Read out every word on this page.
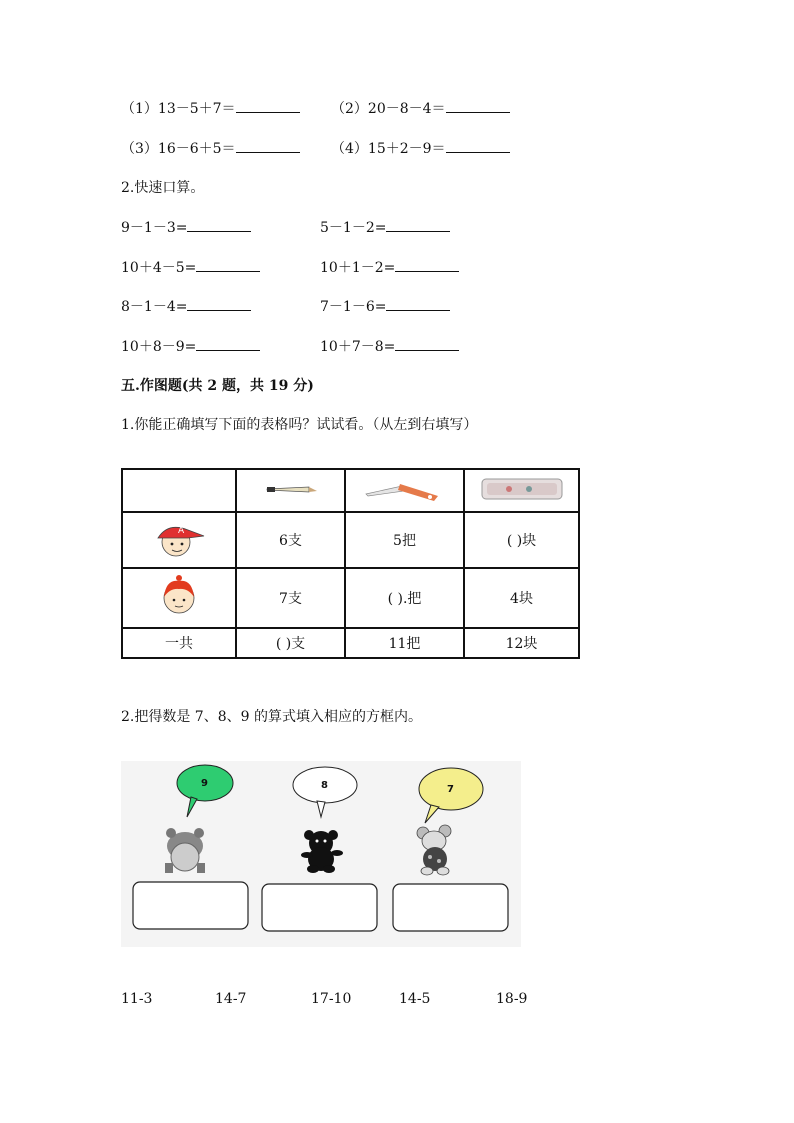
（1）13－5＋7＝	（2）20－8－4＝
（3）16－6＋5＝	（4）15＋2－9＝
2.快速口算。
9－1－3=	5－1－2=
10＋4－5=	10＋1－2=
8－1－4=	7－1－6=
10＋8－9=	10＋7－8=
五.作图题(共 2 题，共 19 分)
1.你能正确填写下面的表格吗？试试看。（从左到右填写）

A	6支	5把	( )块
	7支	( ).把	4块
一共	( )支	11把	12块
2.把得数是 7、8、9 的算式填入相应的方框内。
9	8	7
11-3	14-7	17-10	14-5	18-9
